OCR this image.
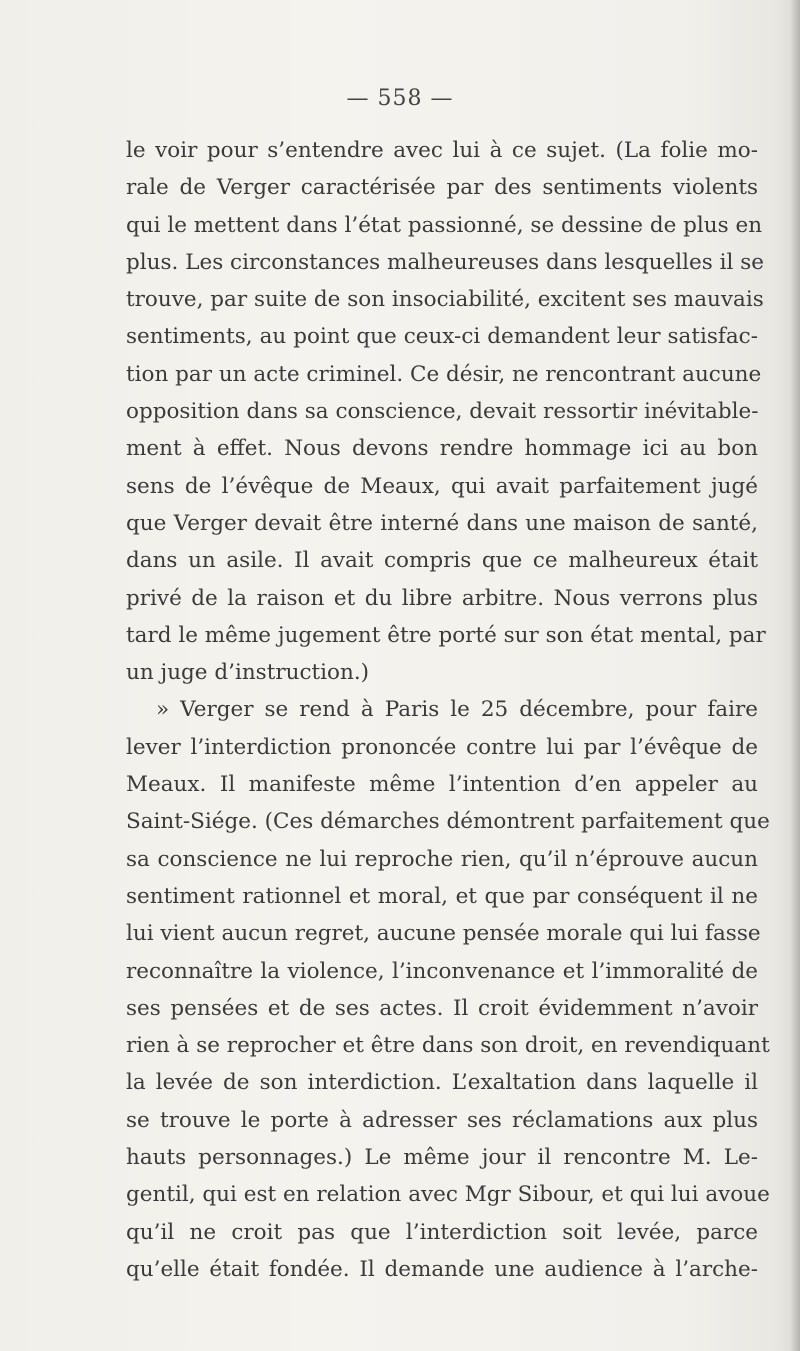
— 558 —
le voir pour s’entendre avec lui à ce sujet. (La folie mo-
rale de Verger caractérisée par des sentiments violents
qui le mettent dans l’état passionné, se dessine de plus en
plus. Les circonstances malheureuses dans lesquelles il se
trouve, par suite de son insociabilité, excitent ses mauvais
sentiments, au point que ceux-ci demandent leur satisfac-
tion par un acte criminel. Ce désir, ne rencontrant aucune
opposition dans sa conscience, devait ressortir inévitable-
ment à effet. Nous devons rendre hommage ici au bon
sens de l’évêque de Meaux, qui avait parfaitement jugé
que Verger devait être interné dans une maison de santé,
dans un asile. Il avait compris que ce malheureux était
privé de la raison et du libre arbitre. Nous verrons plus
tard le même jugement être porté sur son état mental, par
un juge d’instruction.)
» Verger se rend à Paris le 25 décembre, pour faire
lever l’interdiction prononcée contre lui par l’évêque de
Meaux. Il manifeste même l’intention d’en appeler au
Saint-Siége. (Ces démarches démontrent parfaitement que
sa conscience ne lui reproche rien, qu’il n’éprouve aucun
sentiment rationnel et moral, et que par conséquent il ne
lui vient aucun regret, aucune pensée morale qui lui fasse
reconnaître la violence, l’inconvenance et l’immoralité de
ses pensées et de ses actes. Il croit évidemment n’avoir
rien à se reprocher et être dans son droit, en revendiquant
la levée de son interdiction. L’exaltation dans laquelle il
se trouve le porte à adresser ses réclamations aux plus
hauts personnages.) Le même jour il rencontre M. Le-
gentil, qui est en relation avec Mgr Sibour, et qui lui avoue
qu’il ne croit pas que l’interdiction soit levée, parce
qu’elle était fondée. Il demande une audience à l’arche-
